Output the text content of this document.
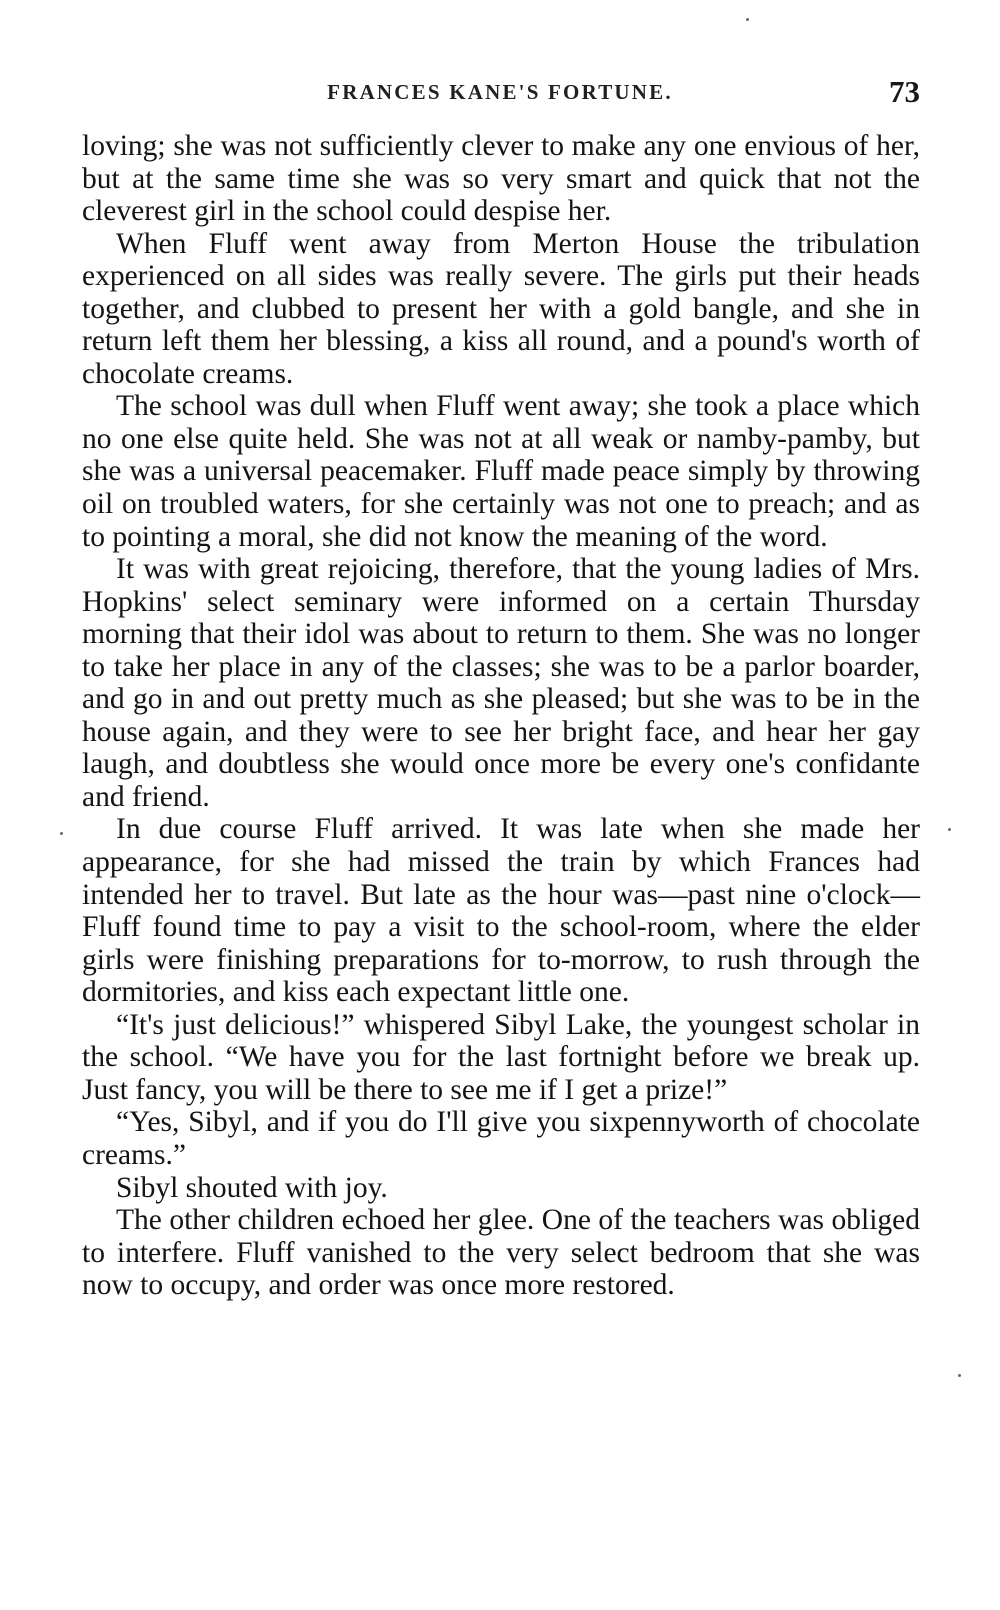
FRANCES KANE'S FORTUNE.	73

loving; she was not sufficiently clever to make any one envious of her, but at the same time she was so very smart and quick that not the cleverest girl in the school could despise her.

When Fluff went away from Merton House the tribulation experienced on all sides was really severe. The girls put their heads together, and clubbed to present her with a gold bangle, and she in return left them her blessing, a kiss all round, and a pound's worth of chocolate creams.

The school was dull when Fluff went away; she took a place which no one else quite held. She was not at all weak or namby-pamby, but she was a universal peacemaker. Fluff made peace simply by throwing oil on troubled waters, for she certainly was not one to preach; and as to pointing a moral, she did not know the meaning of the word.

It was with great rejoicing, therefore, that the young ladies of Mrs. Hopkins' select seminary were informed on a certain Thursday morning that their idol was about to return to them. She was no longer to take her place in any of the classes; she was to be a parlor boarder, and go in and out pretty much as she pleased; but she was to be in the house again, and they were to see her bright face, and hear her gay laugh, and doubtless she would once more be every one's confidante and friend.

In due course Fluff arrived. It was late when she made her appearance, for she had missed the train by which Frances had intended her to travel. But late as the hour was—past nine o'clock—Fluff found time to pay a visit to the school-room, where the elder girls were finishing preparations for to-morrow, to rush through the dormitories, and kiss each expectant little one.

“It's just delicious!” whispered Sibyl Lake, the youngest scholar in the school. “We have you for the last fortnight before we break up. Just fancy, you will be there to see me if I get a prize!”

“Yes, Sibyl, and if you do I'll give you sixpennyworth of chocolate creams.”

Sibyl shouted with joy.

The other children echoed her glee. One of the teachers was obliged to interfere. Fluff vanished to the very select bedroom that she was now to occupy, and order was once more restored.
